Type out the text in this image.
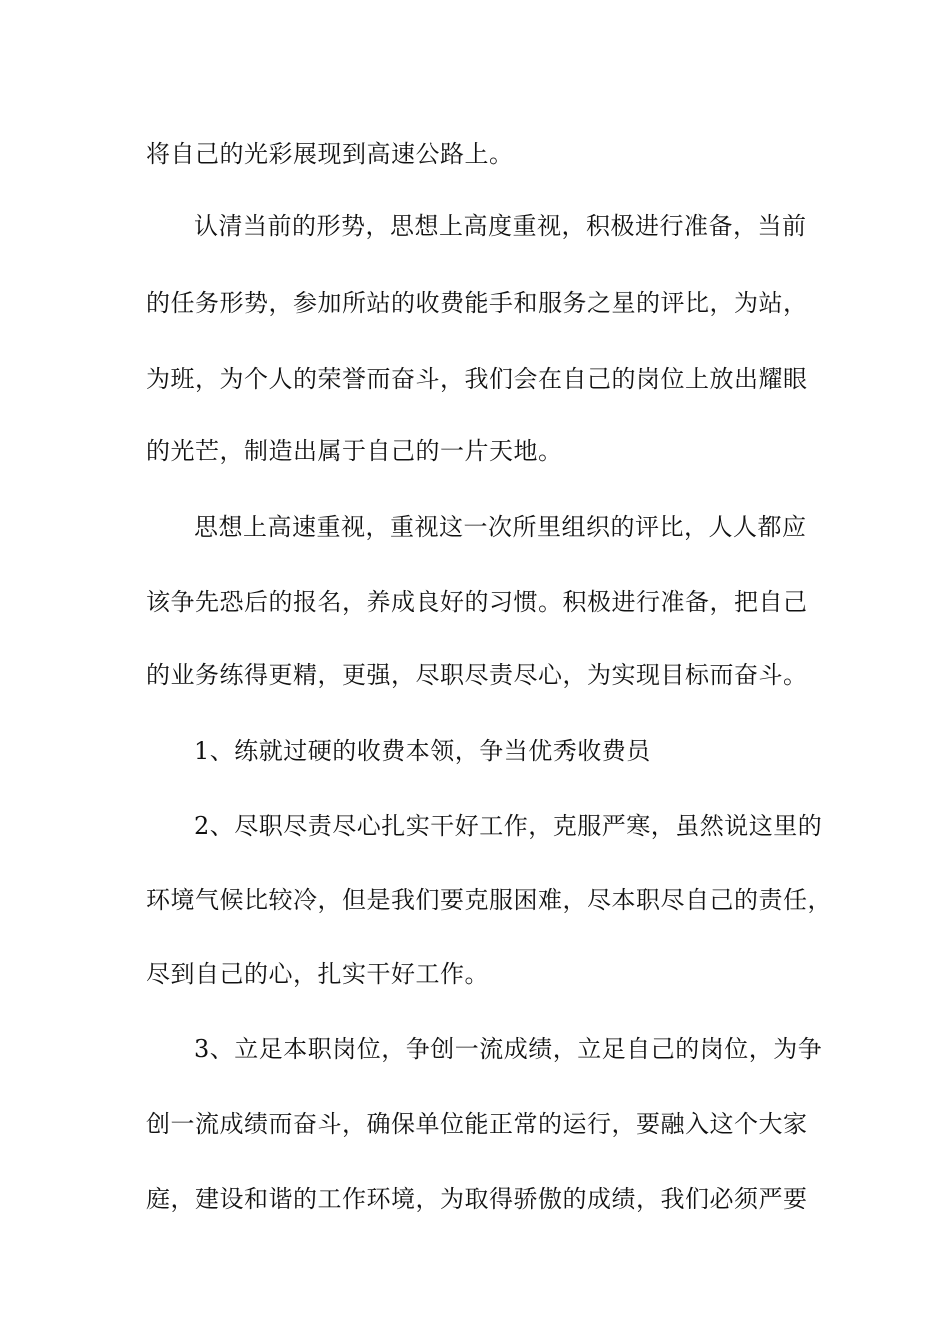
将自己的光彩展现到高速公路上。
认清当前的形势，思想上高度重视，积极进行准备，当前
的任务形势，参加所站的收费能手和服务之星的评比，为站，
为班，为个人的荣誉而奋斗，我们会在自己的岗位上放出耀眼
的光芒，制造出属于自己的一片天地。
思想上高速重视，重视这一次所里组织的评比，人人都应
该争先恐后的报名，养成良好的习惯。积极进行准备，把自己
的业务练得更精，更强，尽职尽责尽心，为实现目标而奋斗。
1、练就过硬的收费本领，争当优秀收费员
2、尽职尽责尽心扎实干好工作，克服严寒，虽然说这里的
环境气候比较冷，但是我们要克服困难，尽本职尽自己的责任，
尽到自己的心，扎实干好工作。
3、立足本职岗位，争创一流成绩，立足自己的岗位，为争
创一流成绩而奋斗，确保单位能正常的运行，要融入这个大家
庭，建设和谐的工作环境，为取得骄傲的成绩，我们必须严要
